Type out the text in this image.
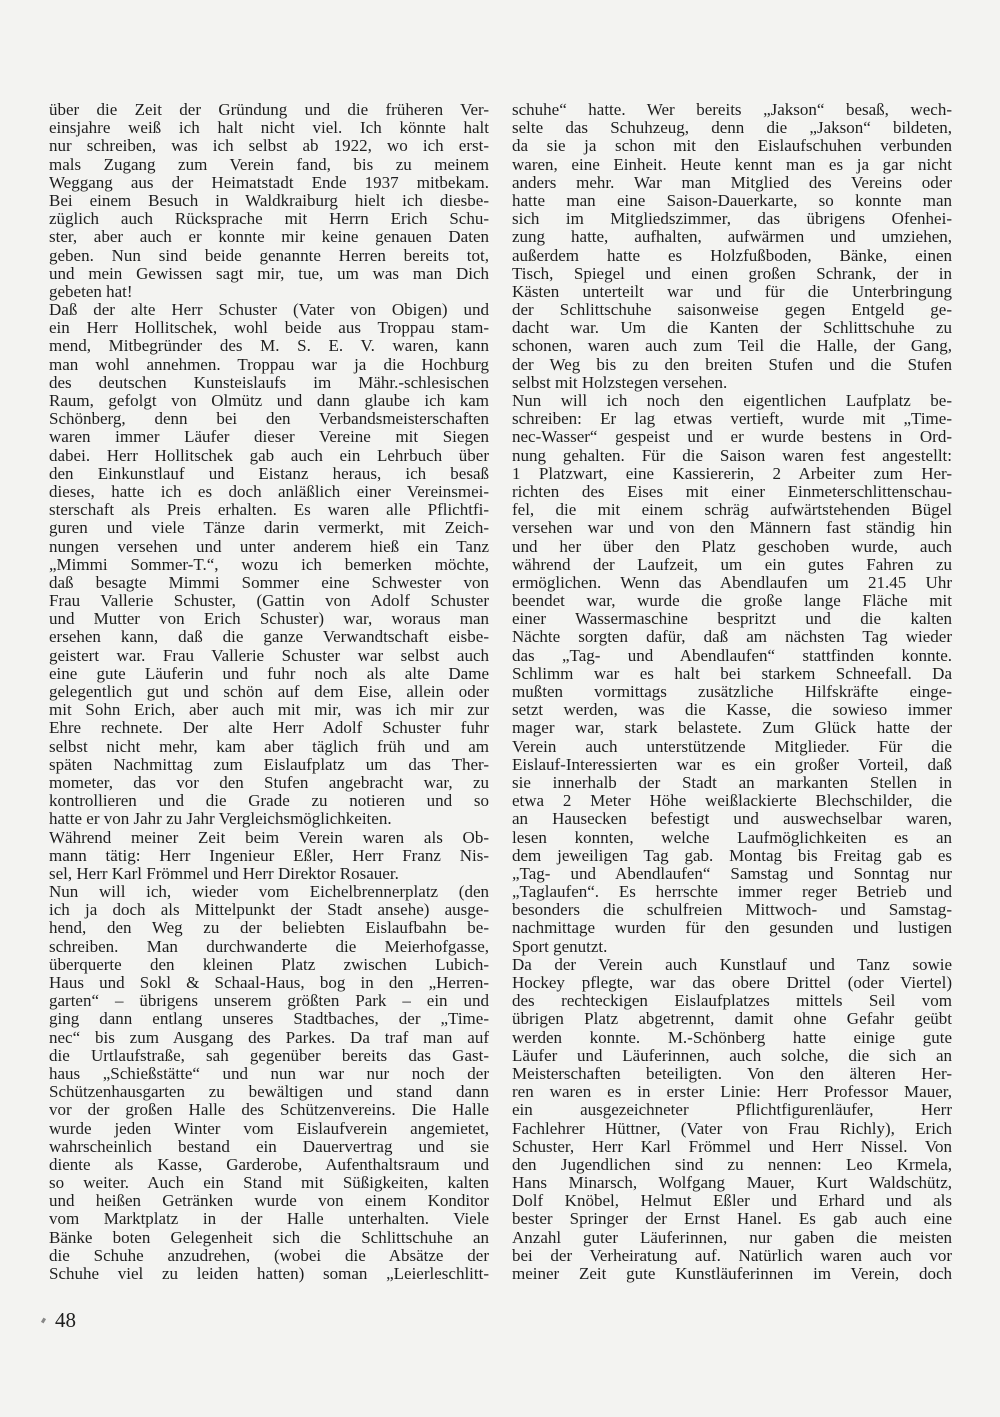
über die Zeit der Gründung und die früheren Ver-
einsjahre weiß ich halt nicht viel. Ich könnte halt
nur schreiben, was ich selbst ab 1922, wo ich erst-
mals Zugang zum Verein fand, bis zu meinem
Weggang aus der Heimatstadt Ende 1937 mitbekam.
Bei einem Besuch in Waldkraiburg hielt ich diesbe-
züglich auch Rücksprache mit Herrn Erich Schu-
ster, aber auch er konnte mir keine genauen Daten
geben. Nun sind beide genannte Herren bereits tot,
und mein Gewissen sagt mir, tue, um was man Dich
gebeten hat!
Daß der alte Herr Schuster (Vater von Obigen) und
ein Herr Hollitschek, wohl beide aus Troppau stam-
mend, Mitbegründer des M. S. E. V. waren, kann
man wohl annehmen. Troppau war ja die Hochburg
des deutschen Kunsteislaufs im Mähr.-schlesischen
Raum, gefolgt von Olmütz und dann glaube ich kam
Schönberg, denn bei den Verbandsmeisterschaften
waren immer Läufer dieser Vereine mit Siegen
dabei. Herr Hollitschek gab auch ein Lehrbuch über
den Einkunstlauf und Eistanz heraus, ich besaß
dieses, hatte ich es doch anläßlich einer Vereinsmei-
sterschaft als Preis erhalten. Es waren alle Pflichtfi-
guren und viele Tänze darin vermerkt, mit Zeich-
nungen versehen und unter anderem hieß ein Tanz
„Mimmi Sommer-T.“, wozu ich bemerken möchte,
daß besagte Mimmi Sommer eine Schwester von
Frau Vallerie Schuster, (Gattin von Adolf Schuster
und Mutter von Erich Schuster) war, woraus man
ersehen kann, daß die ganze Verwandtschaft eisbe-
geistert war. Frau Vallerie Schuster war selbst auch
eine gute Läuferin und fuhr noch als alte Dame
gelegentlich gut und schön auf dem Eise, allein oder
mit Sohn Erich, aber auch mit mir, was ich mir zur
Ehre rechnete. Der alte Herr Adolf Schuster fuhr
selbst nicht mehr, kam aber täglich früh und am
späten Nachmittag zum Eislaufplatz um das Ther-
mometer, das vor den Stufen angebracht war, zu
kontrollieren und die Grade zu notieren und so
hatte er von Jahr zu Jahr Vergleichsmöglichkeiten.
Während meiner Zeit beim Verein waren als Ob-
mann tätig: Herr Ingenieur Eßler, Herr Franz Nis-
sel, Herr Karl Frömmel und Herr Direktor Rosauer.
Nun will ich, wieder vom Eichelbrennerplatz (den
ich ja doch als Mittelpunkt der Stadt ansehe) ausge-
hend, den Weg zu der beliebten Eislaufbahn be-
schreiben. Man durchwanderte die Meierhofgasse,
überquerte den kleinen Platz zwischen Lubich-
Haus und Sokl & Schaal-Haus, bog in den „Herren-
garten“ – übrigens unserem größten Park – ein und
ging dann entlang unseres Stadtbaches, der „Time-
nec“ bis zum Ausgang des Parkes. Da traf man auf
die Urtlaufstraße, sah gegenüber bereits das Gast-
haus „Schießstätte“ und nun war nur noch der
Schützenhausgarten zu bewältigen und stand dann
vor der großen Halle des Schützenvereins. Die Halle
wurde jeden Winter vom Eislaufverein angemietet,
wahrscheinlich bestand ein Dauervertrag und sie
diente als Kasse, Garderobe, Aufenthaltsraum und
so weiter. Auch ein Stand mit Süßigkeiten, kalten
und heißen Getränken wurde von einem Konditor
vom Marktplatz in der Halle unterhalten. Viele
Bänke boten Gelegenheit sich die Schlittschuhe an
die Schuhe anzudrehen, (wobei die Absätze der
Schuhe viel zu leiden hatten) soman „Leierleschlitt-
schuhe“ hatte. Wer bereits „Jakson“ besaß, wech-
selte das Schuhzeug, denn die „Jakson“ bildeten,
da sie ja schon mit den Eislaufschuhen verbunden
waren, eine Einheit. Heute kennt man es ja gar nicht
anders mehr. War man Mitglied des Vereins oder
hatte man eine Saison-Dauerkarte, so konnte man
sich im Mitgliedszimmer, das übrigens Ofenhei-
zung hatte, aufhalten, aufwärmen und umziehen,
außerdem hatte es Holzfußboden, Bänke, einen
Tisch, Spiegel und einen großen Schrank, der in
Kästen unterteilt war und für die Unterbringung
der Schlittschuhe saisonweise gegen Entgeld ge-
dacht war. Um die Kanten der Schlittschuhe zu
schonen, waren auch zum Teil die Halle, der Gang,
der Weg bis zu den breiten Stufen und die Stufen
selbst mit Holzstegen versehen.
Nun will ich noch den eigentlichen Laufplatz be-
schreiben: Er lag etwas vertieft, wurde mit „Time-
nec-Wasser“ gespeist und er wurde bestens in Ord-
nung gehalten. Für die Saison waren fest angestellt:
1 Platzwart, eine Kassiererin, 2 Arbeiter zum Her-
richten des Eises mit einer Einmeterschlittenschau-
fel, die mit einem schräg aufwärtstehenden Bügel
versehen war und von den Männern fast ständig hin
und her über den Platz geschoben wurde, auch
während der Laufzeit, um ein gutes Fahren zu
ermöglichen. Wenn das Abendlaufen um 21.45 Uhr
beendet war, wurde die große lange Fläche mit
einer Wassermaschine bespritzt und die kalten
Nächte sorgten dafür, daß am nächsten Tag wieder
das „Tag- und Abendlaufen“ stattfinden konnte.
Schlimm war es halt bei starkem Schneefall. Da
mußten vormittags zusätzliche Hilfskräfte einge-
setzt werden, was die Kasse, die sowieso immer
mager war, stark belastete. Zum Glück hatte der
Verein auch unterstützende Mitglieder. Für die
Eislauf-Interessierten war es ein großer Vorteil, daß
sie innerhalb der Stadt an markanten Stellen in
etwa 2 Meter Höhe weißlackierte Blechschilder, die
an Hausecken befestigt und auswechselbar waren,
lesen konnten, welche Laufmöglichkeiten es an
dem jeweiligen Tag gab. Montag bis Freitag gab es
„Tag- und Abendlaufen“ Samstag und Sonntag nur
„Taglaufen“. Es herrschte immer reger Betrieb und
besonders die schulfreien Mittwoch- und Samstag-
nachmittage wurden für den gesunden und lustigen
Sport genutzt.
Da der Verein auch Kunstlauf und Tanz sowie
Hockey pflegte, war das obere Drittel (oder Viertel)
des rechteckigen Eislaufplatzes mittels Seil vom
übrigen Platz abgetrennt, damit ohne Gefahr geübt
werden konnte. M.-Schönberg hatte einige gute
Läufer und Läuferinnen, auch solche, die sich an
Meisterschaften beteiligten. Von den älteren Her-
ren waren es in erster Linie: Herr Professor Mauer,
ein ausgezeichneter Pflichtfigurenläufer, Herr
Fachlehrer Hüttner, (Vater von Frau Richly), Erich
Schuster, Herr Karl Frömmel und Herr Nissel. Von
den Jugendlichen sind zu nennen: Leo Krmela,
Hans Minarsch, Wolfgang Mauer, Kurt Waldschütz,
Dolf Knöbel, Helmut Eßler und Erhard und als
bester Springer der Ernst Hanel. Es gab auch eine
Anzahl guter Läuferinnen, nur gaben die meisten
bei der Verheiratung auf. Natürlich waren auch vor
meiner Zeit gute Kunstläuferinnen im Verein, doch
48
